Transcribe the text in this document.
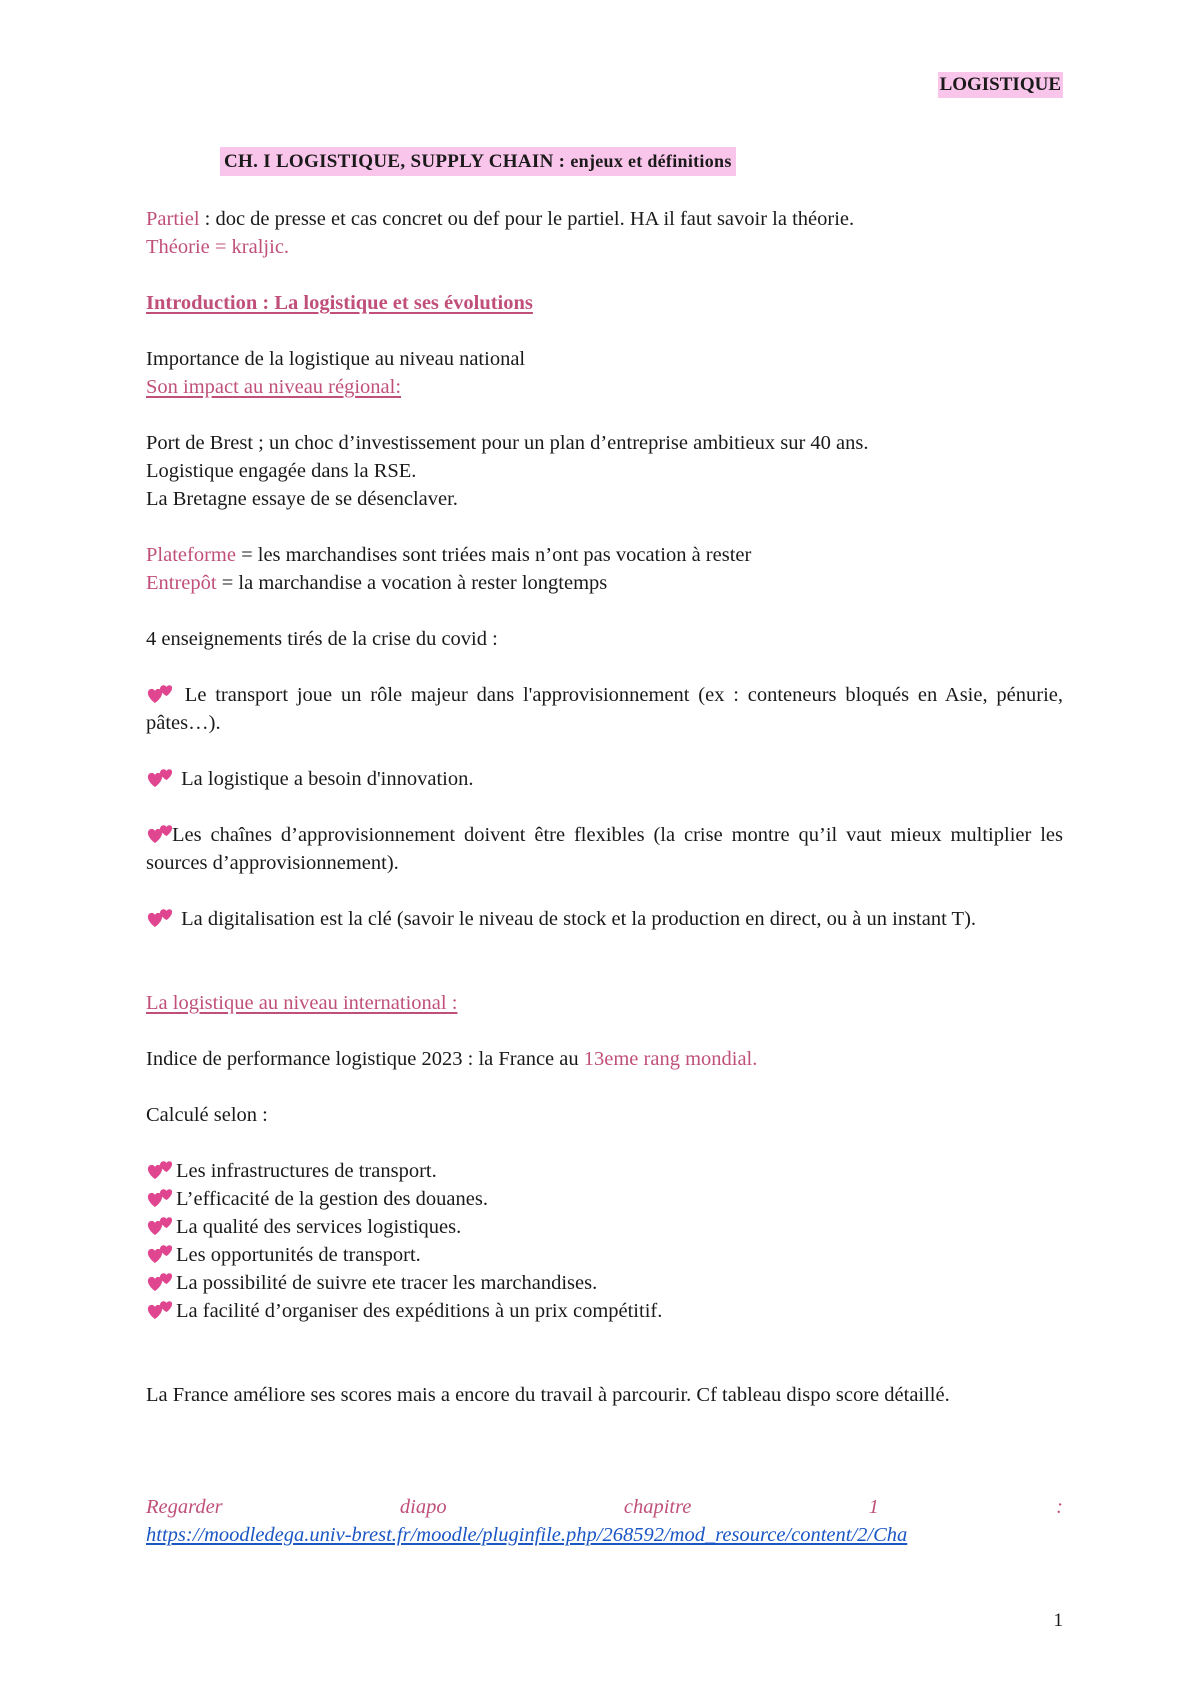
LOGISTIQUE
CH. I LOGISTIQUE, SUPPLY CHAIN : enjeux et définitions

Partiel : doc de presse et cas concret ou def pour le partiel. HA il faut savoir la théorie.

Théorie = kraljic.

Introduction : La logistique et ses évolutions

Importance de la logistique au niveau national

Son impact au niveau régional:

Port de Brest ; un choc d’investissement pour un plan d’entreprise ambitieux sur 40 ans.

Logistique engagée dans la RSE.

La Bretagne essaye de se désenclaver.

Plateforme = les marchandises sont triées mais n’ont pas vocation à rester

Entrepôt = la marchandise a vocation à rester longtemps

4 enseignements tirés de la crise du covid :

Le transport joue un rôle majeur dans l'approvisionnement (ex : conteneurs bloqués en Asie, pénurie, pâtes…).

La logistique a besoin d'innovation.

Les chaînes d’approvisionnement doivent être flexibles (la crise montre qu’il vaut mieux multiplier les sources d’approvisionnement).

La digitalisation est la clé (savoir le niveau de stock et la production en direct, ou à un instant T).

La logistique au niveau international :

Indice de performance logistique 2023 : la France au 13eme rang mondial.

Calculé selon :

Les infrastructures de transport.

L’efficacité de la gestion des douanes.

La qualité des services logistiques.

Les opportunités de transport.

La possibilité de suivre ete tracer les marchandises.

La facilité d’organiser des expéditions à un prix compétitif.

La France améliore ses scores mais a encore du travail à parcourir. Cf tableau dispo score détaillé.

Regarder	diapo	chapitre	1	:

https://moodledega.univ-brest.fr/moodle/pluginfile.php/268592/mod_resource/content/2/Cha
1
